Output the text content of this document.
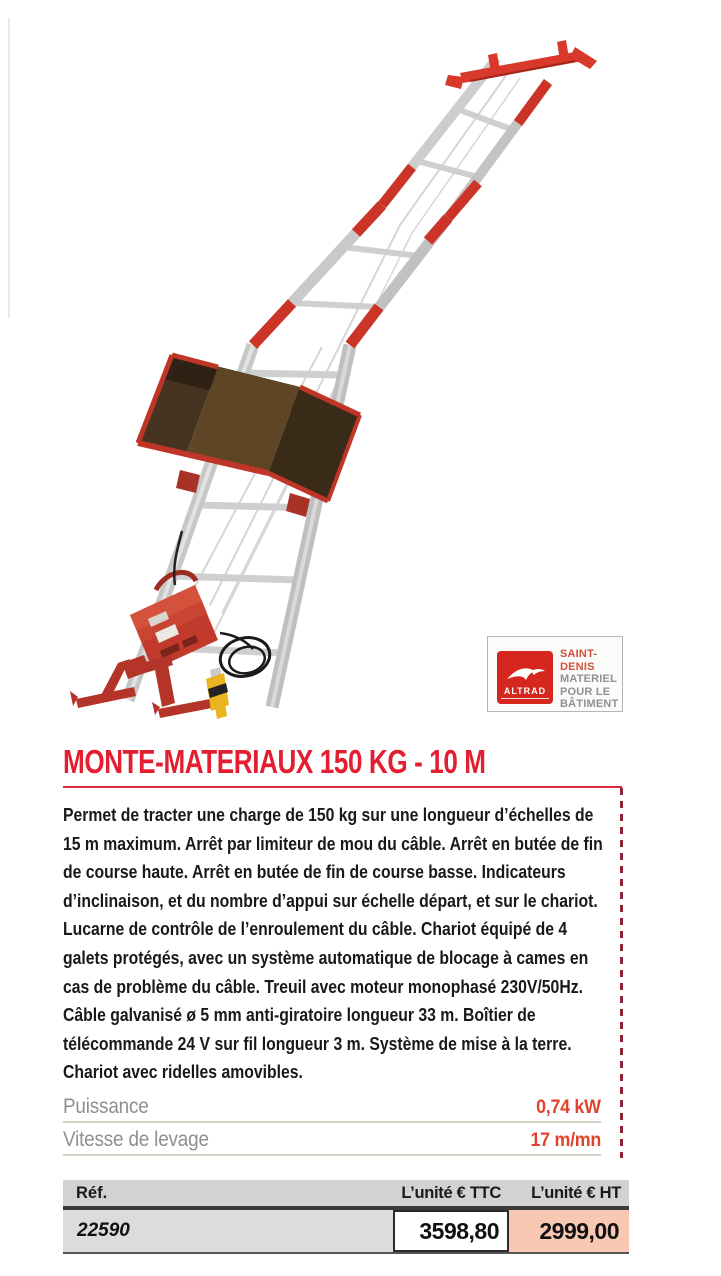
ALTRAD
SAINT-DENIS
MATERIEL
POUR LE
BÂTIMENT
MONTE-MATERIAUX 150 KG - 10 M

Permet de tracter une charge de 150 kg sur une longueur d’échelles de 15 m maximum. Arrêt par limiteur de mou du câble. Arrêt en butée de fin de course haute. Arrêt en butée de fin de course basse. Indicateurs d’inclinaison, et du nombre d’appui sur échelle départ, et sur le chariot. Lucarne de contrôle de l’enroulement du câble. Chariot équipé de 4 galets protégés, avec un système automatique de blocage à cames en cas de problème du câble. Treuil avec moteur monophasé 230V/50Hz. Câble galvanisé ø 5 mm anti-giratoire longueur 33 m. Boîtier de télécommande 24 V sur fil longueur 3 m. Système de mise à la terre. Chariot avec ridelles amovibles.

Puissance	0,74 kW
Vitesse de levage	17 m/mn
Réf.	L’unité € TTC	L’unité € HT
22590	3598,80	2999,00
